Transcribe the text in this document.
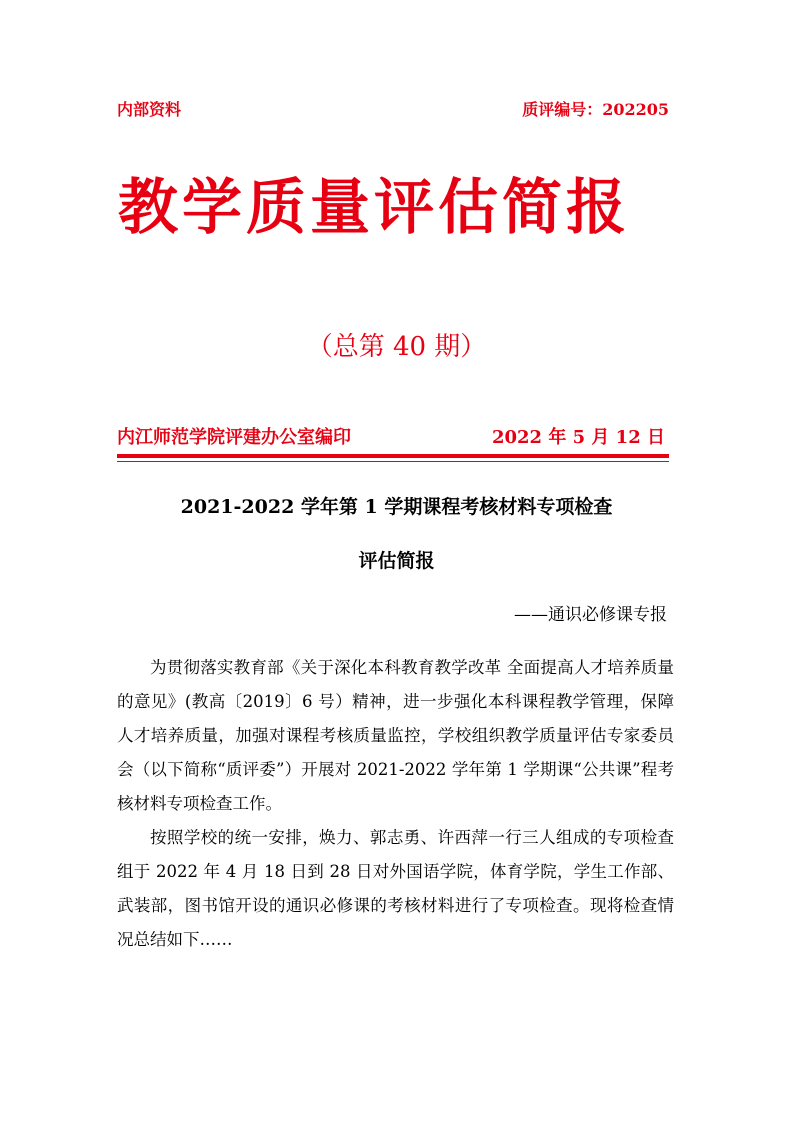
内部资料	质评编号：202205
教学质量评估简报
（总第 40 期）
内江师范学院评建办公室编印	2022 年 5 月 12 日
2021-2022 学年第 1 学期课程考核材料专项检查
评估简报
——通识必修课专报

为贯彻落实教育部《关于深化本科教育教学改革 全面提高人才培养质量的意见》(教高〔2019〕6 号）精神，进一步强化本科课程教学管理，保障人才培养质量，加强对课程考核质量监控，学校组织教学质量评估专家委员会（以下简称“质评委”）开展对 2021-2022 学年第 1 学期课“公共课”程考核材料专项检查工作。

按照学校的统一安排，焕力、郭志勇、许西萍一行三人组成的专项检查组于 2022 年 4 月 18 日到 28 日对外国语学院，体育学院，学生工作部、武装部，图书馆开设的通识必修课的考核材料进行了专项检查。现将检查情况总结如下……
